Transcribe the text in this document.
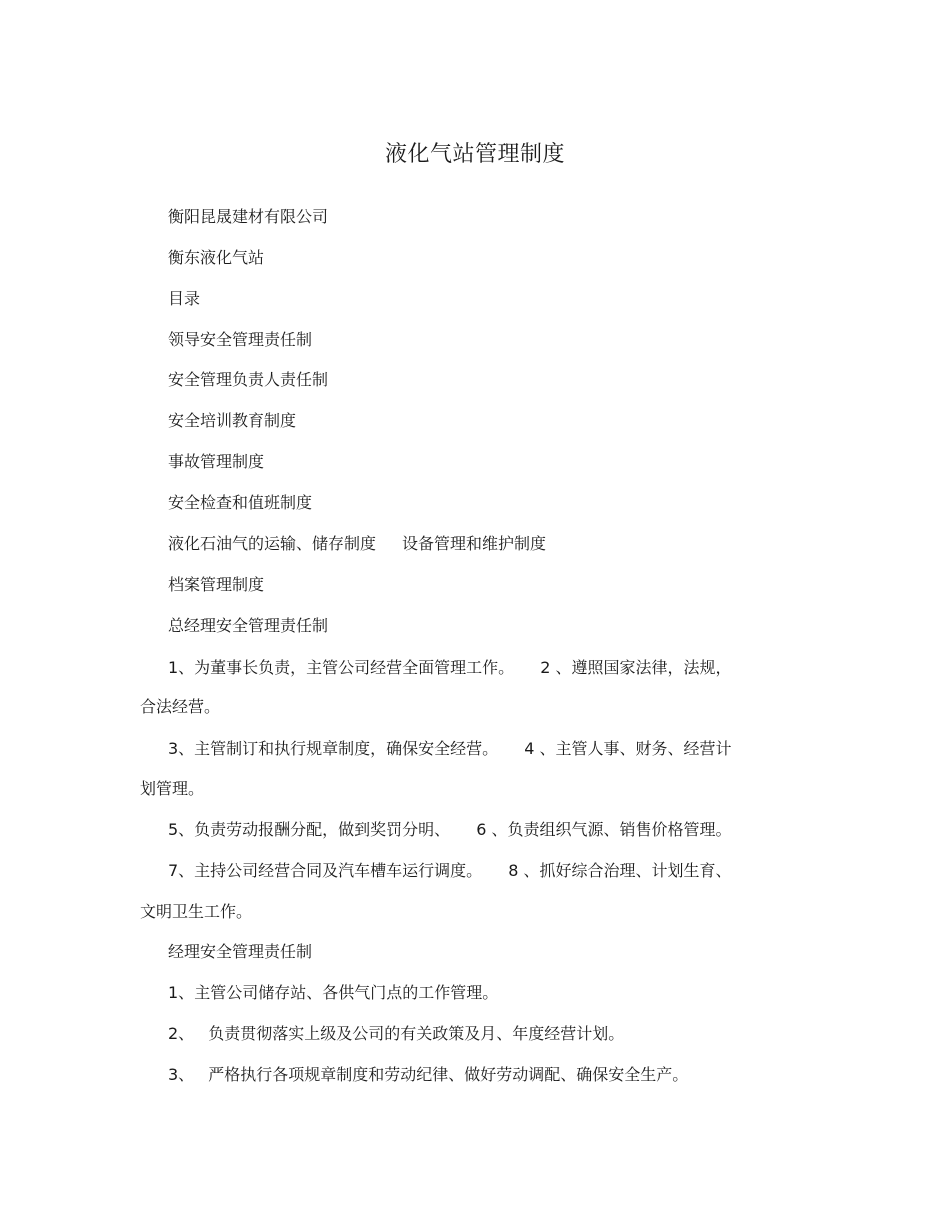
液化气站管理制度
衡阳昆晟建材有限公司
衡东液化气站
目录
领导安全管理责任制
安全管理负责人责任制
安全培训教育制度
事故管理制度
安全检查和值班制度
液化石油气的运输、储存制度 设备管理和维护制度
档案管理制度
总经理安全管理责任制
1、为董事长负责，主管公司经营全面管理工作。 2 、遵照国家法律，法规，
合法经营。
3、主管制订和执行规章制度，确保安全经营。 4 、主管人事、财务、经营计
划管理。
5、负责劳动报酬分配，做到奖罚分明、 6 、负责组织气源、销售价格管理。
7、主持公司经营合同及汽车槽车运行调度。 8 、抓好综合治理、计划生育、
文明卫生工作。
经理安全管理责任制
1、主管公司储存站、各供气门点的工作管理。
2、 负责贯彻落实上级及公司的有关政策及月、年度经营计划。
3、 严格执行各项规章制度和劳动纪律、做好劳动调配、确保安全生产。
